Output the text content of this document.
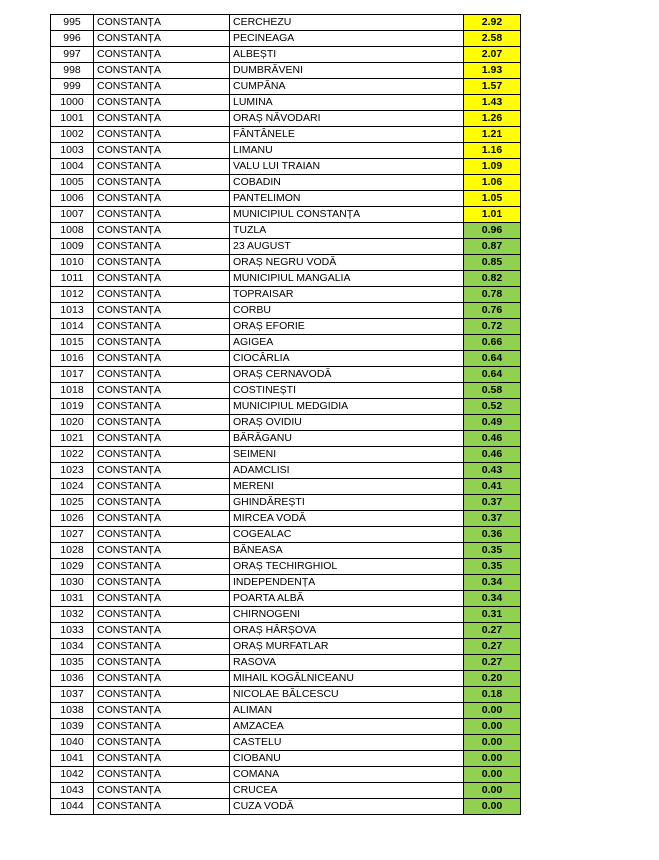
995	CONSTANȚA	CERCHEZU	2.92
996	CONSTANȚA	PECINEAGA	2.58
997	CONSTANȚA	ALBEȘTI	2.07
998	CONSTANȚA	DUMBRĂVENI	1.93
999	CONSTANȚA	CUMPĂNA	1.57
1000	CONSTANȚA	LUMINA	1.43
1001	CONSTANȚA	ORAȘ NĂVODARI	1.26
1002	CONSTANȚA	FÂNTÂNELE	1.21
1003	CONSTANȚA	LIMANU	1.16
1004	CONSTANȚA	VALU LUI TRAIAN	1.09
1005	CONSTANȚA	COBADIN	1.06
1006	CONSTANȚA	PANTELIMON	1.05
1007	CONSTANȚA	MUNICIPIUL CONSTANȚA	1.01
1008	CONSTANȚA	TUZLA	0.96
1009	CONSTANȚA	23 AUGUST	0.87
1010	CONSTANȚA	ORAȘ NEGRU VODĂ	0.85
1011	CONSTANȚA	MUNICIPIUL MANGALIA	0.82
1012	CONSTANȚA	TOPRAISAR	0.78
1013	CONSTANȚA	CORBU	0.76
1014	CONSTANȚA	ORAȘ EFORIE	0.72
1015	CONSTANȚA	AGIGEA	0.66
1016	CONSTANȚA	CIOCÂRLIA	0.64
1017	CONSTANȚA	ORAȘ CERNAVODĂ	0.64
1018	CONSTANȚA	COSTINEȘTI	0.58
1019	CONSTANȚA	MUNICIPIUL MEDGIDIA	0.52
1020	CONSTANȚA	ORAȘ OVIDIU	0.49
1021	CONSTANȚA	BĂRĂGANU	0.46
1022	CONSTANȚA	SEIMENI	0.46
1023	CONSTANȚA	ADAMCLISI	0.43
1024	CONSTANȚA	MERENI	0.41
1025	CONSTANȚA	GHINDĂREȘTI	0.37
1026	CONSTANȚA	MIRCEA VODĂ	0.37
1027	CONSTANȚA	COGEALAC	0.36
1028	CONSTANȚA	BĂNEASA	0.35
1029	CONSTANȚA	ORAȘ TECHIRGHIOL	0.35
1030	CONSTANȚA	INDEPENDENȚA	0.34
1031	CONSTANȚA	POARTA ALBĂ	0.34
1032	CONSTANȚA	CHIRNOGENI	0.31
1033	CONSTANȚA	ORAȘ HÂRȘOVA	0.27
1034	CONSTANȚA	ORAȘ MURFATLAR	0.27
1035	CONSTANȚA	RASOVA	0.27
1036	CONSTANȚA	MIHAIL KOGĂLNICEANU	0.20
1037	CONSTANȚA	NICOLAE BĂLCESCU	0.18
1038	CONSTANȚA	ALIMAN	0.00
1039	CONSTANȚA	AMZACEA	0.00
1040	CONSTANȚA	CASTELU	0.00
1041	CONSTANȚA	CIOBANU	0.00
1042	CONSTANȚA	COMANA	0.00
1043	CONSTANȚA	CRUCEA	0.00
1044	CONSTANȚA	CUZA VODĂ	0.00
